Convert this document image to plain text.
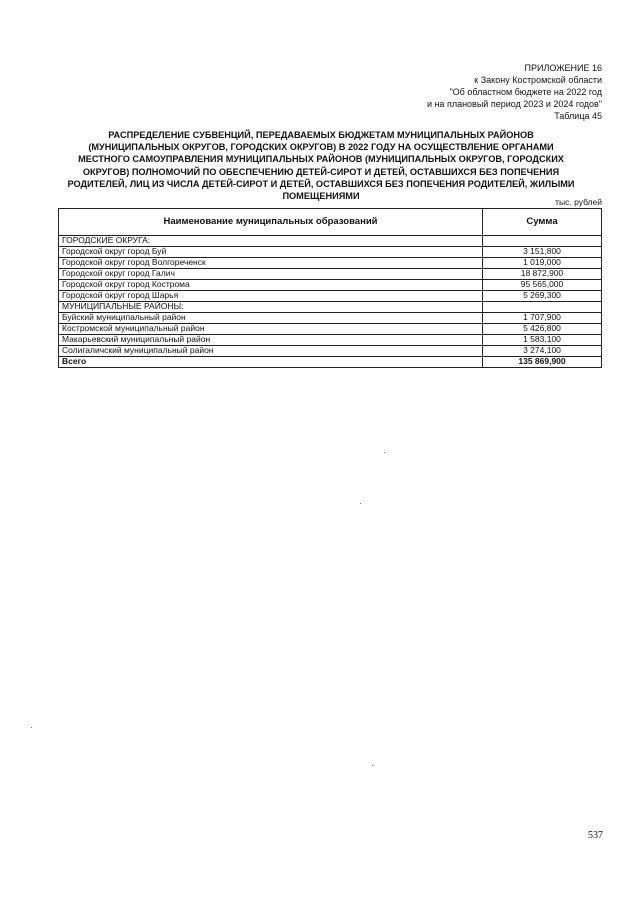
ПРИЛОЖЕНИЕ 16
к Закону Костромской области
"Об областном бюджете на 2022 год
и на плановый период 2023 и 2024 годов"
Таблица 45
РАСПРЕДЕЛЕНИЕ СУБВЕНЦИЙ, ПЕРЕДАВАЕМЫХ БЮДЖЕТАМ МУНИЦИПАЛЬНЫХ РАЙОНОВ
(МУНИЦИПАЛЬНЫХ ОКРУГОВ, ГОРОДСКИХ ОКРУГОВ) В 2022 ГОДУ НА ОСУЩЕСТВЛЕНИЕ ОРГАНАМИ
МЕСТНОГО САМОУПРАВЛЕНИЯ МУНИЦИПАЛЬНЫХ РАЙОНОВ (МУНИЦИПАЛЬНЫХ ОКРУГОВ, ГОРОДСКИХ
ОКРУГОВ) ПОЛНОМОЧИЙ ПО ОБЕСПЕЧЕНИЮ ДЕТЕЙ-СИРОТ И ДЕТЕЙ, ОСТАВШИХСЯ БЕЗ ПОПЕЧЕНИЯ
РОДИТЕЛЕЙ, ЛИЦ ИЗ ЧИСЛА ДЕТЕЙ-СИРОТ И ДЕТЕЙ, ОСТАВШИХСЯ БЕЗ ПОПЕЧЕНИЯ РОДИТЕЛЕЙ, ЖИЛЫМИ
ПОМЕЩЕНИЯМИ
тыс. рублей
Наименование муниципальных образований	Сумма
ГОРОДСКИЕ ОКРУГА:	
Городской округ город Буй	3 151,800
Городской округ город Волгореченск	1 019,000
Городской округ город Галич	18 872,900
Городской округ город Кострома	95 565,000
Городской округ город Шарья	5 269,300
МУНИЦИПАЛЬНЫЕ РАЙОНЫ:	
Буйский муниципальный район	1 707,900
Костромской муниципальный район	5 426,800
Макарьевский муниципальный район	1 583,100
Солигаличский муниципальный район	3 274,100
Всего	135 869,900
537
